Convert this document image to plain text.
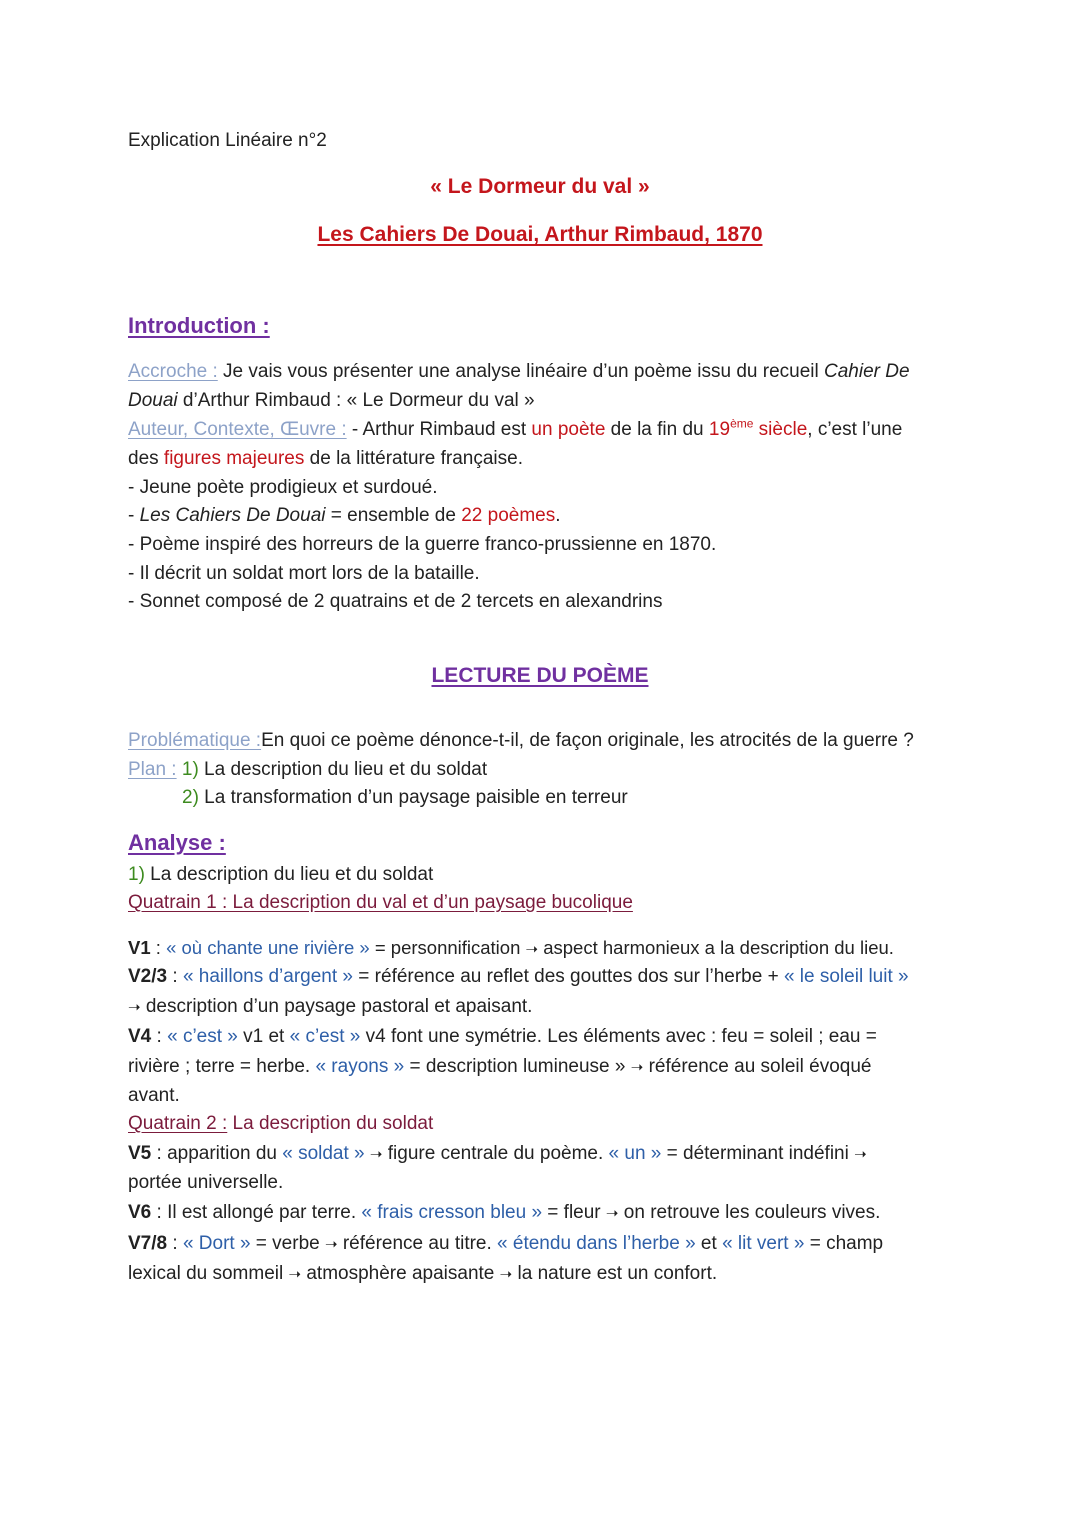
Explication Linéaire n°2
« Le Dormeur du val »
Les Cahiers De Douai, Arthur Rimbaud, 1870
Introduction :
Accroche : Je vais vous présenter une analyse linéaire d’un poème issu du recueil Cahier De
Douai d’Arthur Rimbaud : « Le Dormeur du val »
Auteur, Contexte, Œuvre : - Arthur Rimbaud est un poète de la fin du 19ème siècle, c’est l’une
des figures majeures de la littérature française.
- Jeune poète prodigieux et surdoué.
- Les Cahiers De Douai = ensemble de 22 poèmes.
- Poème inspiré des horreurs de la guerre franco-prussienne en 1870.
- Il décrit un soldat mort lors de la bataille.
- Sonnet composé de 2 quatrains et de 2 tercets en alexandrins
LECTURE DU POÈME
Problématique :En quoi ce poème dénonce-t-il, de façon originale, les atrocités de la guerre ?
Plan : 1) La description du lieu et du soldat
2) La transformation d’un paysage paisible en terreur
Analyse :
1) La description du lieu et du soldat
Quatrain 1 : La description du val et d’un paysage bucolique
V1 : « où chante une rivière » = personnification ➝ aspect harmonieux a la description du lieu.
V2/3 : « haillons d’argent » = référence au reflet des gouttes dos sur l’herbe + « le soleil luit »
➝ description d’un paysage pastoral et apaisant.
V4 : « c’est » v1 et « c’est » v4 font une symétrie. Les éléments avec : feu = soleil ; eau =
rivière ; terre = herbe. « rayons » = description lumineuse » ➝ référence au soleil évoqué
avant.
Quatrain 2 : La description du soldat
V5 : apparition du « soldat » ➝ figure centrale du poème. « un » = déterminant indéfini ➝
portée universelle.
V6 : Il est allongé par terre. « frais cresson bleu » = fleur ➝ on retrouve les couleurs vives.
V7/8 : « Dort » = verbe ➝ référence au titre. « étendu dans l’herbe » et « lit vert » = champ
lexical du sommeil ➝ atmosphère apaisante ➝ la nature est un confort.
